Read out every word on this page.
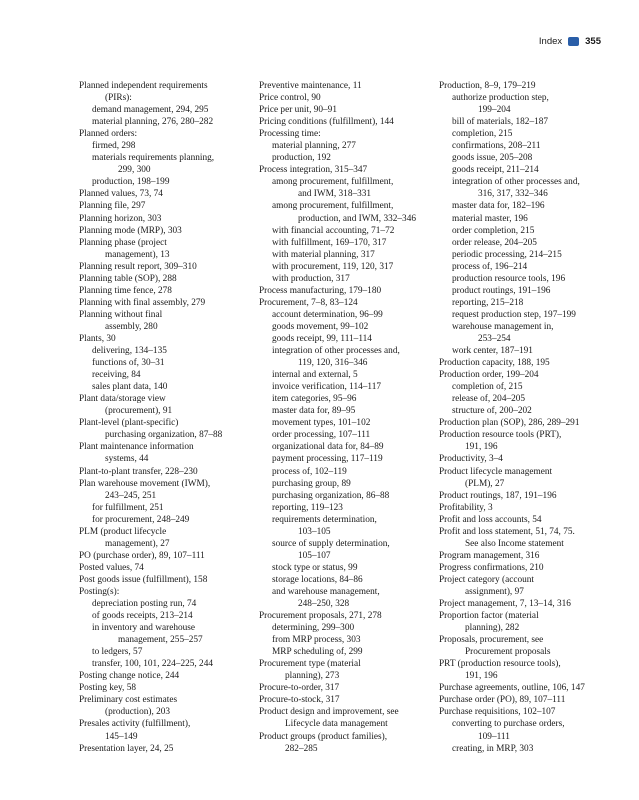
Index 355
Planned independent requirements
(PIRs):
demand management, 294, 295
material planning, 276, 280–282
Planned orders:
firmed, 298
materials requirements planning,
299, 300
production, 198–199
Planned values, 73, 74
Planning file, 297
Planning horizon, 303
Planning mode (MRP), 303
Planning phase (project
management), 13
Planning result report, 309–310
Planning table (SOP), 288
Planning time fence, 278
Planning with final assembly, 279
Planning without final
assembly, 280
Plants, 30
delivering, 134–135
functions of, 30–31
receiving, 84
sales plant data, 140
Plant data/storage view
(procurement), 91
Plant-level (plant-specific)
purchasing organization, 87–88
Plant maintenance information
systems, 44
Plant-to-plant transfer, 228–230
Plan warehouse movement (IWM),
243–245, 251
for fulfillment, 251
for procurement, 248–249
PLM (product lifecycle
management), 27
PO (purchase order), 89, 107–111
Posted values, 74
Post goods issue (fulfillment), 158
Posting(s):
depreciation posting run, 74
of goods receipts, 213–214
in inventory and warehouse
management, 255–257
to ledgers, 57
transfer, 100, 101, 224–225, 244
Posting change notice, 244
Posting key, 58
Preliminary cost estimates
(production), 203
Presales activity (fulfillment),
145–149
Presentation layer, 24, 25
Preventive maintenance, 11
Price control, 90
Price per unit, 90–91
Pricing conditions (fulfillment), 144
Processing time:
material planning, 277
production, 192
Process integration, 315–347
among procurement, fulfillment,
and IWM, 318–331
among procurement, fulfillment,
production, and IWM, 332–346
with financial accounting, 71–72
with fulfillment, 169–170, 317
with material planning, 317
with procurement, 119, 120, 317
with production, 317
Process manufacturing, 179–180
Procurement, 7–8, 83–124
account determination, 96–99
goods movement, 99–102
goods receipt, 99, 111–114
integration of other processes and,
119, 120, 316–346
internal and external, 5
invoice verification, 114–117
item categories, 95–96
master data for, 89–95
movement types, 101–102
order processing, 107–111
organizational data for, 84–89
payment processing, 117–119
process of, 102–119
purchasing group, 89
purchasing organization, 86–88
reporting, 119–123
requirements determination,
103–105
source of supply determination,
105–107
stock type or status, 99
storage locations, 84–86
and warehouse management,
248–250, 328
Procurement proposals, 271, 278
determining, 299–300
from MRP process, 303
MRP scheduling of, 299
Procurement type (material
planning), 273
Procure-to-order, 317
Procure-to-stock, 317
Product design and improvement, see
Lifecycle data management
Product groups (product families),
282–285
Production, 8–9, 179–219
authorize production step,
199–204
bill of materials, 182–187
completion, 215
confirmations, 208–211
goods issue, 205–208
goods receipt, 211–214
integration of other processes and,
316, 317, 332–346
master data for, 182–196
material master, 196
order completion, 215
order release, 204–205
periodic processing, 214–215
process of, 196–214
production resource tools, 196
product routings, 191–196
reporting, 215–218
request production step, 197–199
warehouse management in,
253–254
work center, 187–191
Production capacity, 188, 195
Production order, 199–204
completion of, 215
release of, 204–205
structure of, 200–202
Production plan (SOP), 286, 289–291
Production resource tools (PRT),
191, 196
Productivity, 3–4
Product lifecycle management
(PLM), 27
Product routings, 187, 191–196
Profitability, 3
Profit and loss accounts, 54
Profit and loss statement, 51, 74, 75.
See also Income statement
Program management, 316
Progress confirmations, 210
Project category (account
assignment), 97
Project management, 7, 13–14, 316
Proportion factor (material
planning), 282
Proposals, procurement, see
Procurement proposals
PRT (production resource tools),
191, 196
Purchase agreements, outline, 106, 147
Purchase order (PO), 89, 107–111
Purchase requisitions, 102–107
converting to purchase orders,
109–111
creating, in MRP, 303
